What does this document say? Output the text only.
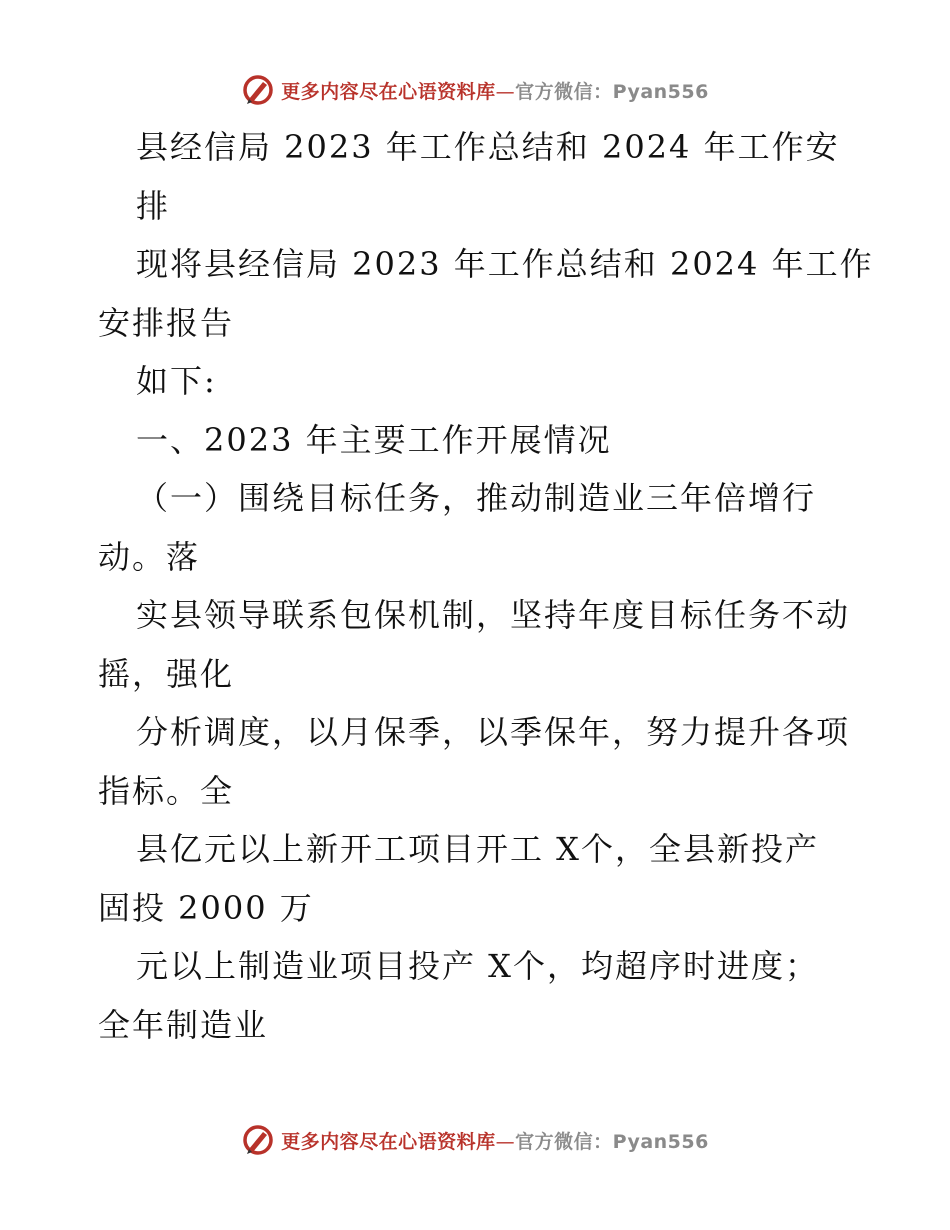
更多内容尽在心语资料库—官方微信：Pyan556
县经信局 2023 年工作总结和 2024 年工作安
排
现将县经信局 2023 年工作总结和 2024 年工作
安排报告
如下:
一、2023 年主要工作开展情况
（一）围绕目标任务，推动制造业三年倍增行
动。落
实县领导联系包保机制，坚持年度目标任务不动
摇，强化
分析调度，以月保季，以季保年，努力提升各项
指标。全
县亿元以上新开工项目开工 X个，全县新投产
固投 2000 万
元以上制造业项目投产 X个，均超序时进度；
全年制造业
更多内容尽在心语资料库—官方微信：Pyan556
